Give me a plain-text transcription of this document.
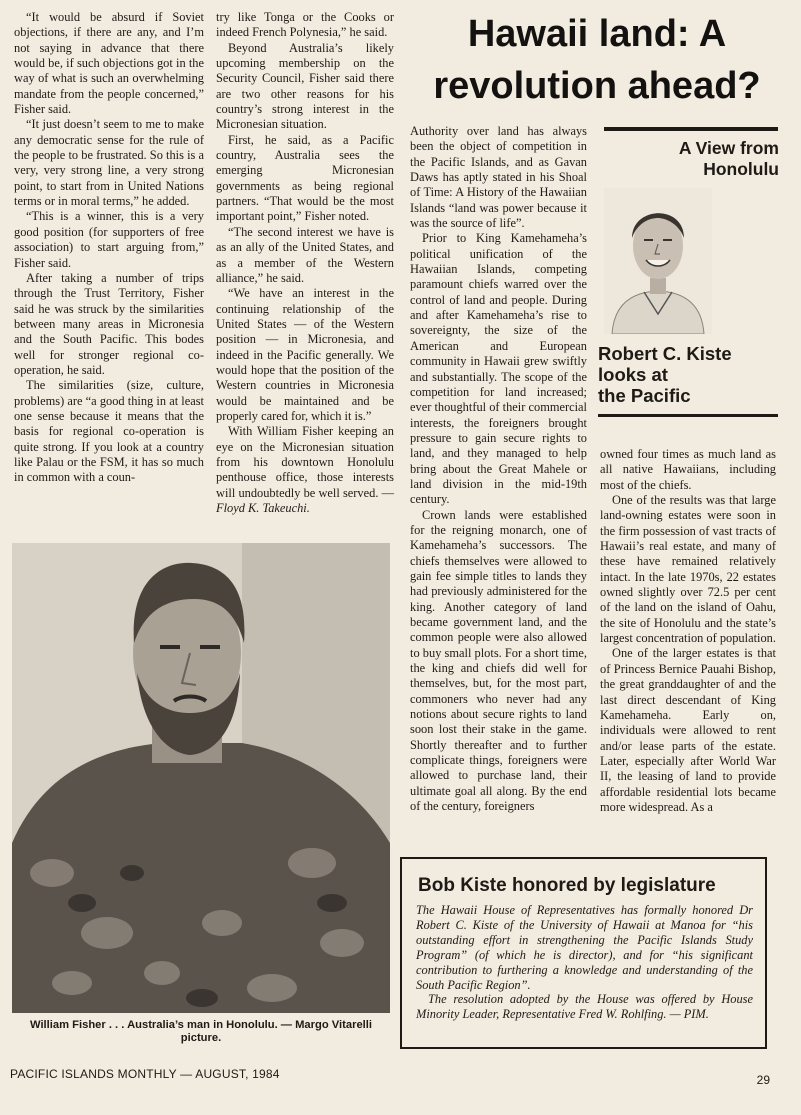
Hawaii land: A
revolution ahead?

“It would be absurd if Soviet objections, if there are any, and I’m not saying in advance that there would be, if such objections got in the way of what is such an overwhelming mandate from the people concerned,” Fisher said.

“It just doesn’t seem to me to make any democratic sense for the rule of the people to be frustrated. So this is a very, very strong line, a very strong point, to start from in United Nations terms or in moral terms,” he added.

“This is a winner, this is a very good position (for supporters of free association) to start arguing from,” Fisher said.

After taking a number of trips through the Trust Territory, Fisher said he was struck by the similarities between many areas in Micronesia and the South Pacific. This bodes well for stronger regional co-operation, he said.

The similarities (size, culture, problems) are “a good thing in at least one sense because it means that the basis for regional co-operation is quite strong. If you look at a country like Palau or the FSM, it has so much in common with a coun-

try like Tonga or the Cooks or indeed French Polynesia,” he said.

Beyond Australia’s likely upcoming membership on the Security Council, Fisher said there are two other reasons for his country’s strong interest in the Micronesian situation.

First, he said, as a Pacific country, Australia sees the emerging Micronesian governments as being regional partners. “That would be the most important point,” Fisher noted.

“The second interest we have is as an ally of the United States, and as a member of the Western alliance,” he said.

“We have an interest in the continuing relationship of the United States — of the Western position — in Micronesia, and indeed in the Pacific generally. We would hope that the position of the Western countries in Micronesia would be maintained and be properly cared for, which it is.”

With William Fisher keeping an eye on the Micronesian situation from his downtown Honolulu penthouse office, those interests will undoubtedly be well served. — Floyd K. Takeuchi.

Authority over land has always been the object of competition in the Pacific Islands, and as Gavan Daws has aptly stated in his Shoal of Time: A History of the Hawaiian Islands “land was power because it was the source of life”.

Prior to King Kamehameha’s political unification of the Hawaiian Islands, competing paramount chiefs warred over the control of land and people. During and after Kamehameha’s rise to sovereignty, the size of the American and European community in Hawaii grew swiftly and substantially. The scope of the competition for land increased; ever thoughtful of their commercial interests, the foreigners brought pressure to gain secure rights to land, and they managed to help bring about the Great Mahele or land division in the mid-19th century.

Crown lands were established for the reigning monarch, one of Kamehameha’s successors. The chiefs themselves were allowed to gain fee simple titles to lands they had previously administered for the king. Another category of land became government land, and the common people were also allowed to buy small plots. For a short time, the king and chiefs did well for themselves, but, for the most part, commoners who never had any notions about secure rights to land soon lost their stake in the game. Shortly thereafter and to further complicate things, foreigners were allowed to purchase land, their ultimate goal all along. By the end of the century, foreigners

A View from
Honolulu
Robert C. Kiste
looks at
the Pacific

owned four times as much land as all native Hawaiians, including most of the chiefs.

One of the results was that large land-owning estates were soon in the firm possession of vast tracts of Hawaii’s real estate, and many of these have remained relatively intact. In the late 1970s, 22 estates owned slightly over 72.5 per cent of the land on the island of Oahu, the site of Honolulu and the state’s largest concentration of population.

One of the larger estates is that of Princess Bernice Pauahi Bishop, the great granddaughter of and the last direct descendant of King Kamehameha. Early on, individuals were allowed to rent and/or lease parts of the estate. Later, especially after World War II, the leasing of land to provide affordable residential lots became more widespread. As a

William Fisher . . . Australia’s man in Honolulu. — Margo Vitarelli picture.
Bob Kiste honored by legislature

The Hawaii House of Representatives has formally honored Dr Robert C. Kiste of the University of Hawaii at Manoa for “his outstanding effort in strengthening the Pacific Islands Study Program” (of which he is director), and for “his significant contribution to furthering a knowledge and understanding of the South Pacific Region”.

The resolution adopted by the House was offered by House Minority Leader, Representative Fred W. Rohlfing. — PIM.

PACIFIC ISLANDS MONTHLY — AUGUST, 1984	29
